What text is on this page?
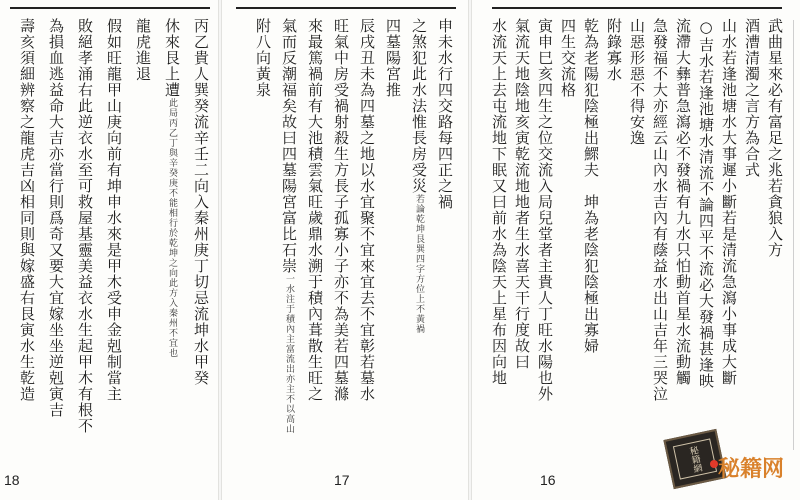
丙乙貴人巽癸流辛壬二向入秦州庚丁切忌流坤水甲癸
休來艮上遭此局丙乙丁與辛癸庚不能相行於乾坤之向此方入秦州不宜也
龍虎進退
假如旺龍甲山庚向前有坤申水來是甲木受申金剋制當主
敗絕孝涌右此逆衣水至可救屋基靈美益衣水生起甲木有根不
為損血逃益命大吉亦當行則爲奇又要大宜嫁坐坐逆剋寅吉
壽亥須細辨察之龍虎吉凶相同則與嫁盛右艮寅水生乾造
18
申未水行四交路每四正之禍
之煞犯此水法惟長房受災若論乾坤艮巽四字方位上不黃禍
四墓陽宮推
辰戌丑未為四墓之地以水宜聚不宜來宜去不宜彰若墓水
旺氣中房受禍射殺生方長子孤寡小子亦不為美若四墓滌
來最篤禍前有大池積雲氣旺歲鼎水溯于積內葺散生旺之
氣而反潮福矣故曰四墓陽宮富比石崇一水注于積內主富流出亦主不以高山
附八向黃泉
17
武曲星來必有富足之兆若貪狼入方
酒漕清濁之言方為合式
山水若逢池塘水大事遲小斷若是清流急瀉小事成大斷
○吉水若逢池塘水清流不論四平不流必大發禍甚逢映
流滯大彝普急瀉必不發禍有九水只怕動首星水流動觸
急發福不大亦經云山內水吉內有蔭益水出山吉年三哭泣
山惡形惡不得安逸
附錄寡水
乾為老陽犯陰極出鰥夫　坤為老陰犯陰極出寡婦
四生交流格
寅申巳亥四生之位交流入局兒堂者主貴人丁旺水陽也外
氣流天地陰地亥寅乾流地地者生水喜天干行度故曰
水流天上去屯流地下眠又曰前水為陰天上星布因向地
16
秘籍網 秘籍网
